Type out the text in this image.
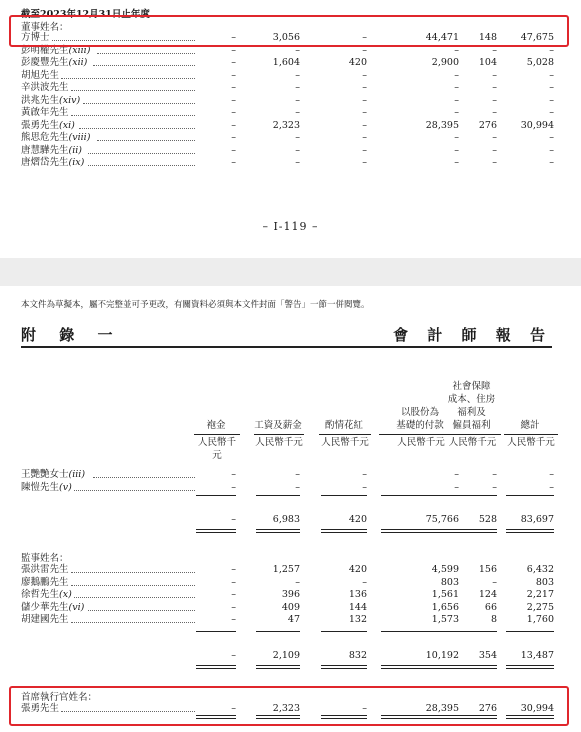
截至2023年12月31日止年度
董事姓名：
方博士	–	3,056	–	44,471	148	47,675
彭明權先生(xiii)	–	–	–	–	–	–
彭慶豐先生(xii)	–	1,604	420	2,900	104	5,028
胡旭先生	–	–	–	–	–	–
辛洪波先生	–	–	–	–	–	–
洪兆先生(xiv)	–	–	–	–	–	–
黃啟年先生	–	–	–	–	–	–
張勇先生(xi)	–	2,323	–	28,395	276	30,994
熊思危先生(viii)	–	–	–	–	–	–
唐慧驊先生(ii)	–	–	–	–	–	–
唐熠岱先生(ix)	–	–	–	–	–	–
– I-119 –
本文件為草擬本，屬不完整並可予更改，有關資料必須與本文件封面「警告」一節一併閱覽。
附 錄 一	會 計 師 報 告
袍金
人民幣千元
工資及薪金
人民幣千元
酌情花紅
人民幣千元
以股份為
基礎的付款
人民幣千元
社會保障
成本、住房
福利及
僱員福利
人民幣千元
總計
人民幣千元
王艷艷女士(iii)	–	–	–	–	–	–
陳愷先生(v)	–	–	–	–	–	–
–	6,983	420	75,766	528	83,697
監事姓名：
張洪雷先生	–	1,257	420	4,599	156	6,432
廖鵝鵬先生	–	–	–	803	–	803
徐哲先生(x)	–	396	136	1,561	124	2,217
儲少華先生(vi)	–	409	144	1,656	66	2,275
胡建國先生	–	47	132	1,573	8	1,760
–	2,109	832	10,192	354	13,487
首席執行官姓名：
張勇先生	–	2,323	–	28,395	276	30,994
